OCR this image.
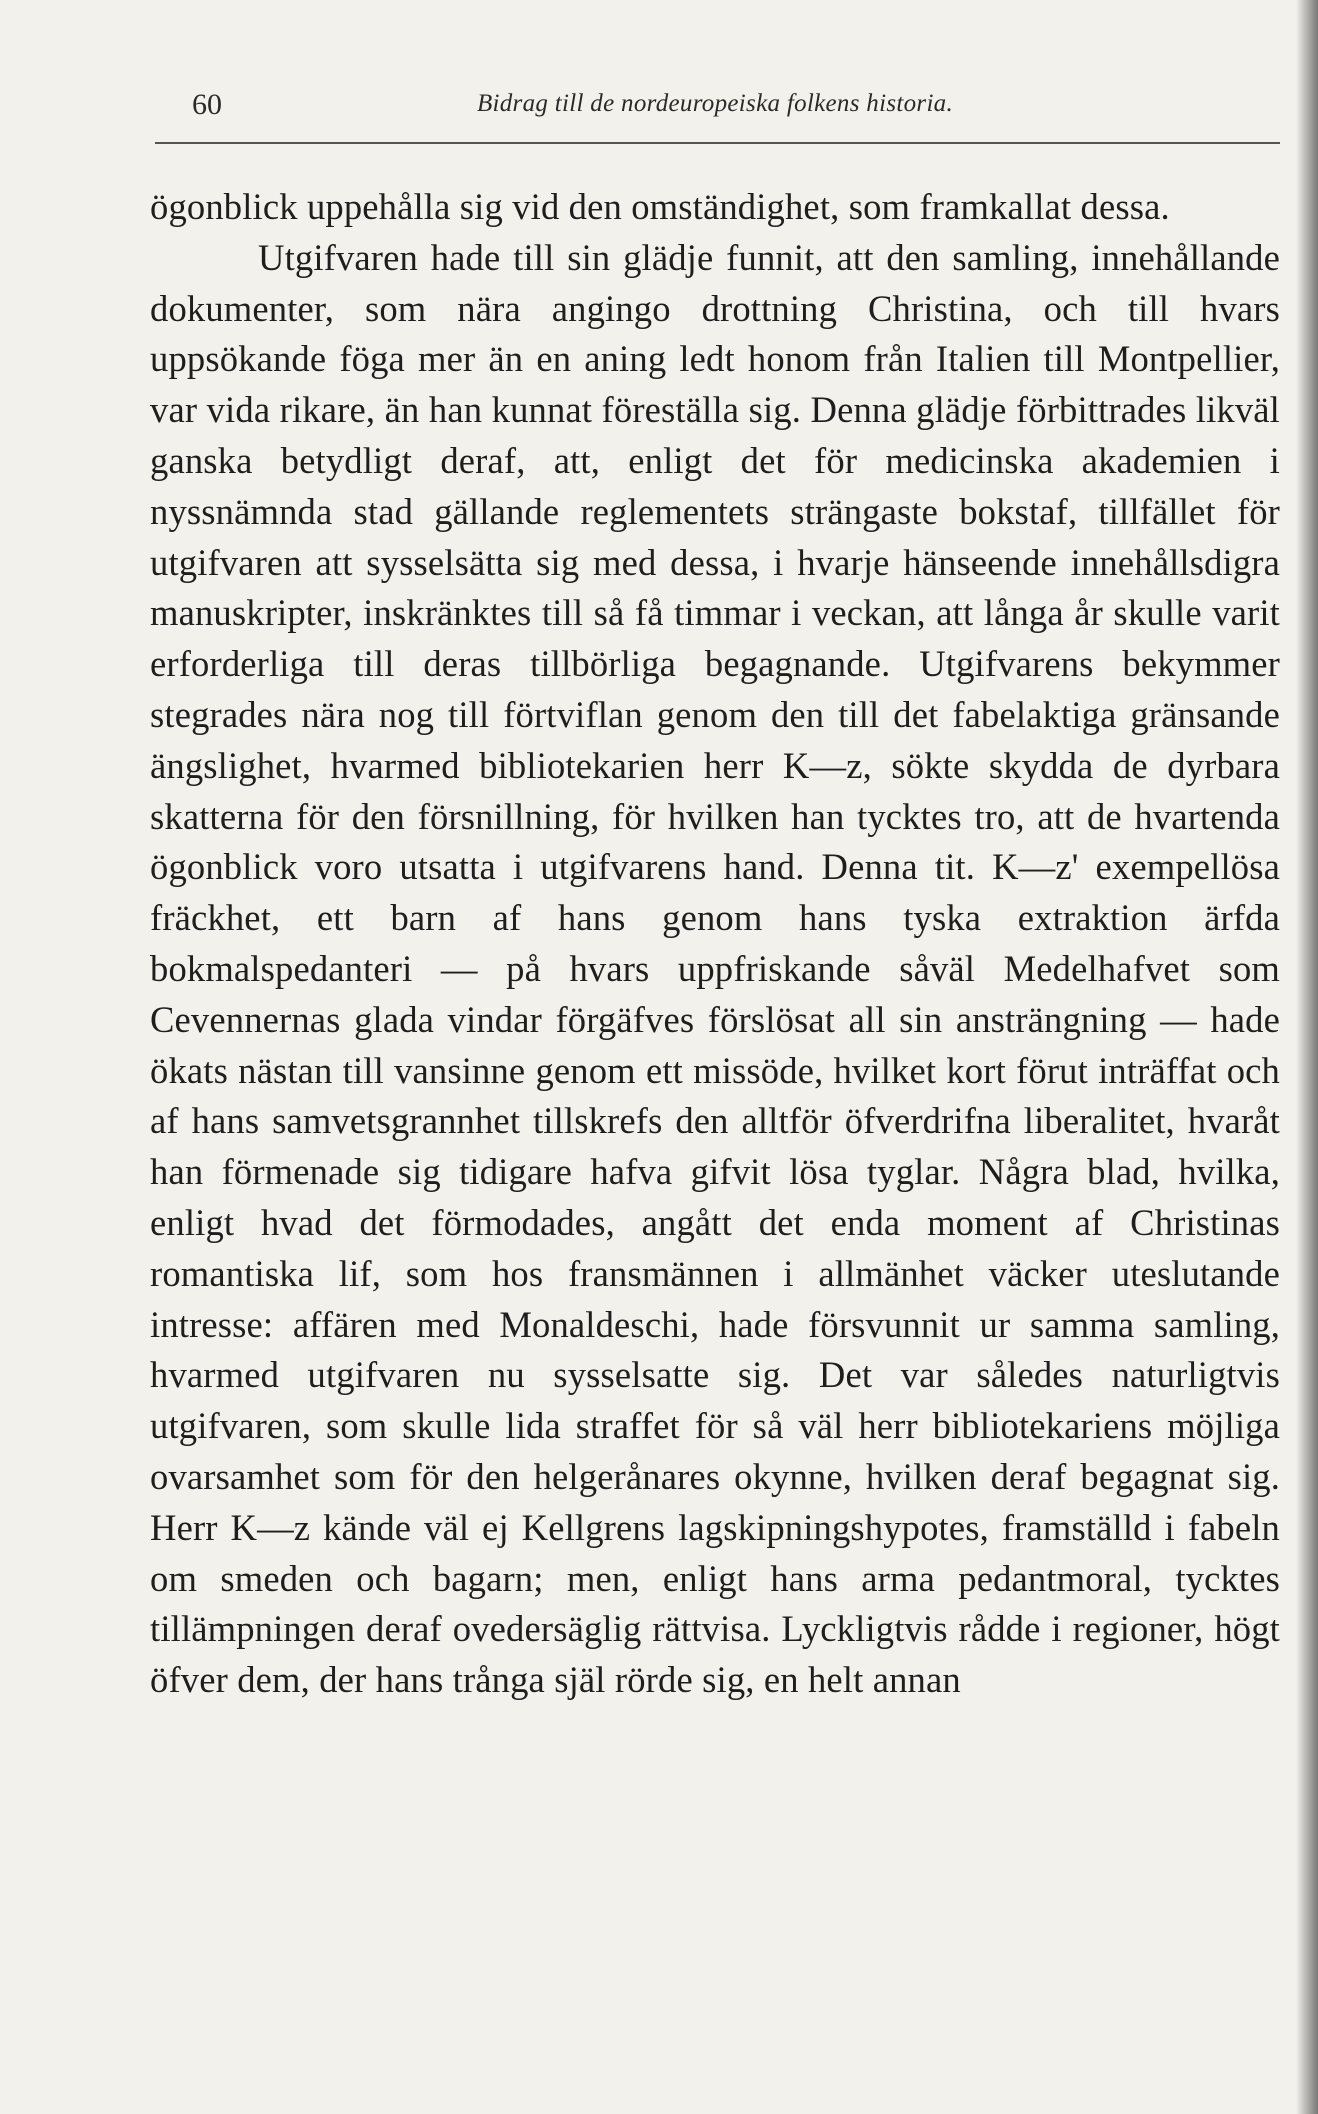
60	Bidrag till de nordeuropeiska folkens historia.

ögonblick uppehålla sig vid den omständighet, som framkallat dessa.

Utgifvaren hade till sin glädje funnit, att den samling, innehållande dokumenter, som nära angingo drottning Christina, och till hvars uppsökande föga mer än en aning ledt honom från Italien till Montpellier, var vida rikare, än han kunnat föreställa sig. Denna glädje förbittrades likväl ganska betydligt deraf, att, enligt det för medicinska akademien i nyssnämnda stad gällande reglementets strängaste bokstaf, tillfället för utgifvaren att sysselsätta sig med dessa, i hvarje hänseende innehållsdigra manuskripter, inskränktes till så få timmar i veckan, att långa år skulle varit erforderliga till deras tillbörliga begagnande. Utgifvarens bekymmer stegrades nära nog till förtviflan genom den till det fabelaktiga gränsande ängslighet, hvarmed bibliotekarien herr K—z, sökte skydda de dyrbara skatterna för den försnillning, för hvilken han tycktes tro, att de hvartenda ögonblick voro utsatta i utgifvarens hand. Denna tit. K—z' exempellösa fräckhet, ett barn af hans genom hans tyska extraktion ärfda bokmalspedanteri — på hvars uppfriskande såväl Medelhafvet som Cevennernas glada vindar förgäfves förslösat all sin ansträngning — hade ökats nästan till vansinne genom ett missöde, hvilket kort förut inträffat och af hans samvetsgrannhet tillskrefs den alltför öfverdrifna liberalitet, hvaråt han förmenade sig tidigare hafva gifvit lösa tyglar. Några blad, hvilka, enligt hvad det förmodades, angått det enda moment af Christinas romantiska lif, som hos fransmännen i allmänhet väcker uteslutande intresse: affären med Monaldeschi, hade försvunnit ur samma samling, hvarmed utgifvaren nu sysselsatte sig. Det var således naturligtvis utgifvaren, som skulle lida straffet för så väl herr bibliotekariens möjliga ovarsamhet som för den helgerånares okynne, hvilken deraf begagnat sig. Herr K—z kände väl ej Kellgrens lagskipningshypotes, framställd i fabeln om smeden och bagarn; men, enligt hans arma pedantmoral, tycktes tillämpningen deraf ovedersäglig rättvisa. Lyckligtvis rådde i regioner, högt öfver dem, der hans trånga själ rörde sig, en helt annan
